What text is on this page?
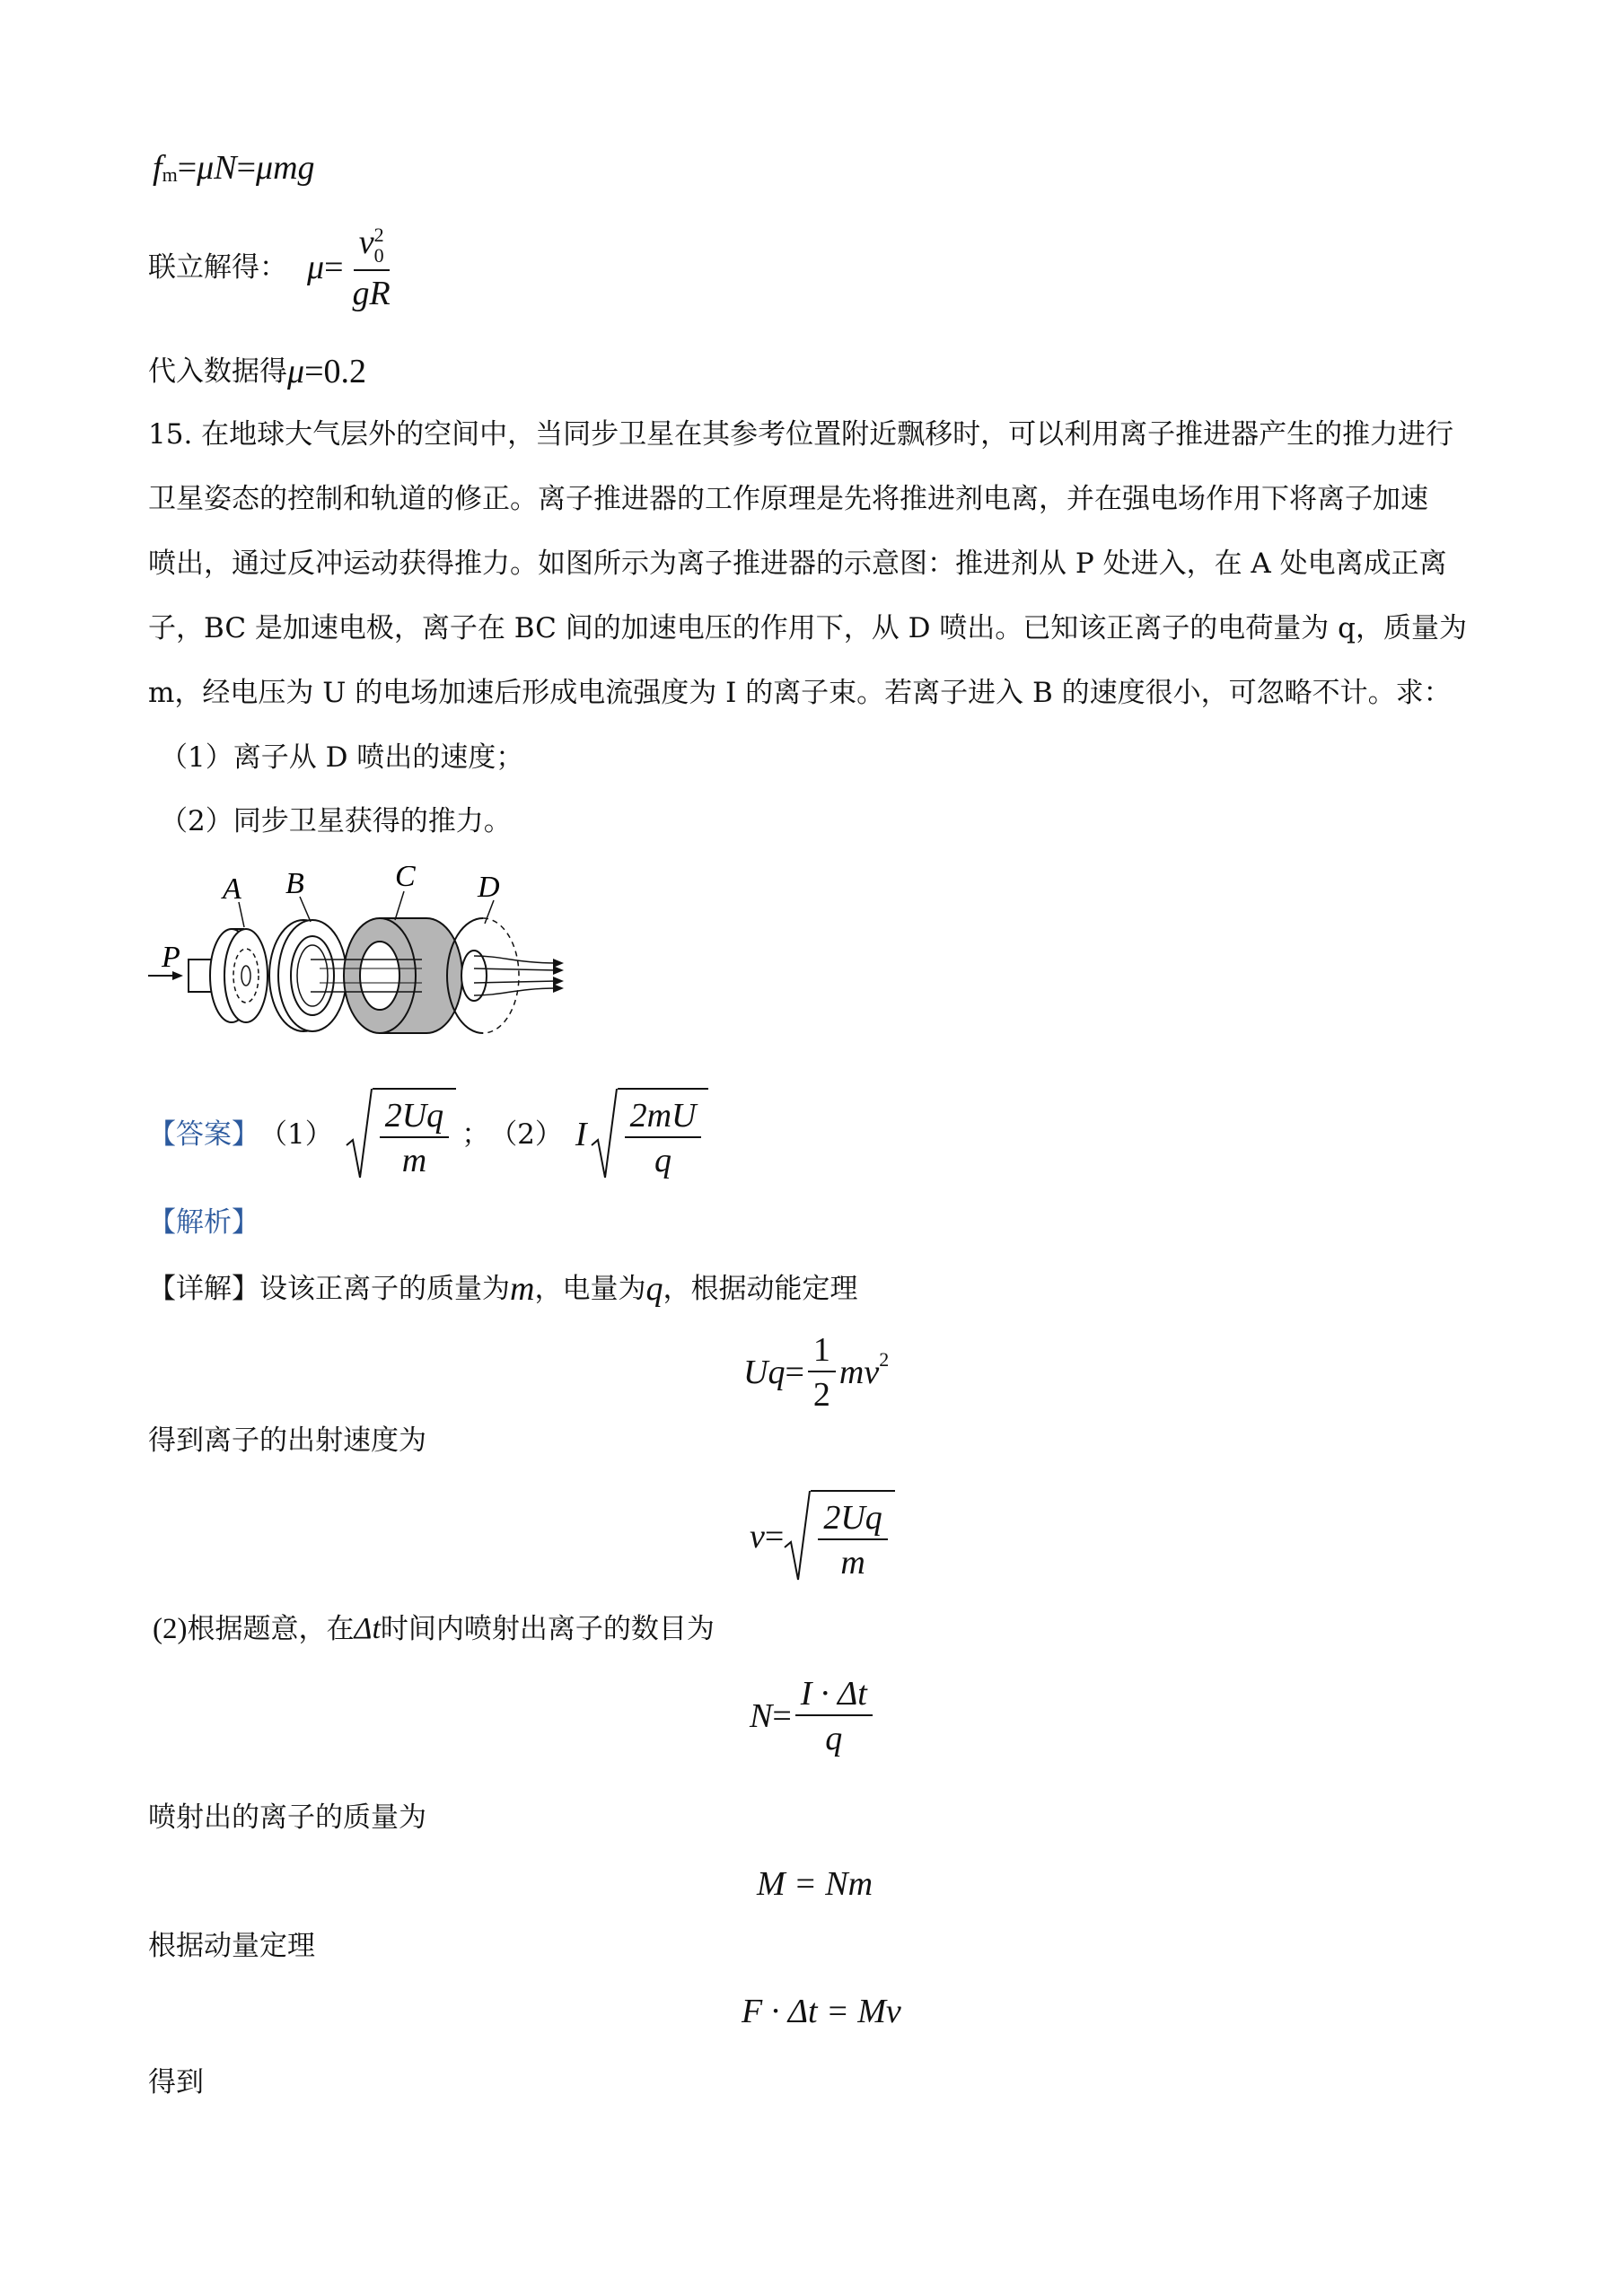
f m = μ N = μ mg
联立解得： μ = v 2
0
gR
代入数据得 μ = 0.2
15. 在地球大气层外的空间中，当同步卫星在其参考位置附近飘移时，可以利用离子推进器产生的推力进行
卫星姿态的控制和轨道的修正。离子推进器的工作原理是先将推进剂电离，并在强电场作用下将离子加速
喷出，通过反冲运动获得推力。如图所示为离子推进器的示意图：推进剂从 P 处进入，在 A 处电离成正离
子，BC 是加速电极，离子在 BC 间的加速电压的作用下，从 D 喷出。已知该正离子的电荷量为 q，质量为
m，经电压为 U 的电场加速后形成电流强度为 I 的离子束。若离子进入 B 的速度很小，可忽略不计。求：
（1）离子从 D 喷出的速度；
（2）同步卫星获得的推力。
A B	C D
P
【答案】 $(1) \frac{2Uq}{m}$ ； （2） I $\frac{2mU}{q}$
【解析】
【详解】 设该正离子的质量为 m ，电量为 q ，根据动能定理
$Uq = \frac{1}{2}$ mv 2
得到离子的出射速度为
$v = \frac{2Uq}{m}$
(2) 根据题意，在 Δt 时间内喷射出离子的数目为
$N = \frac{I \cdot \Delta t}{q}$
喷射出的离子的质量为
M = Nm
根据动量定理
F · Δt = Mv
得到
